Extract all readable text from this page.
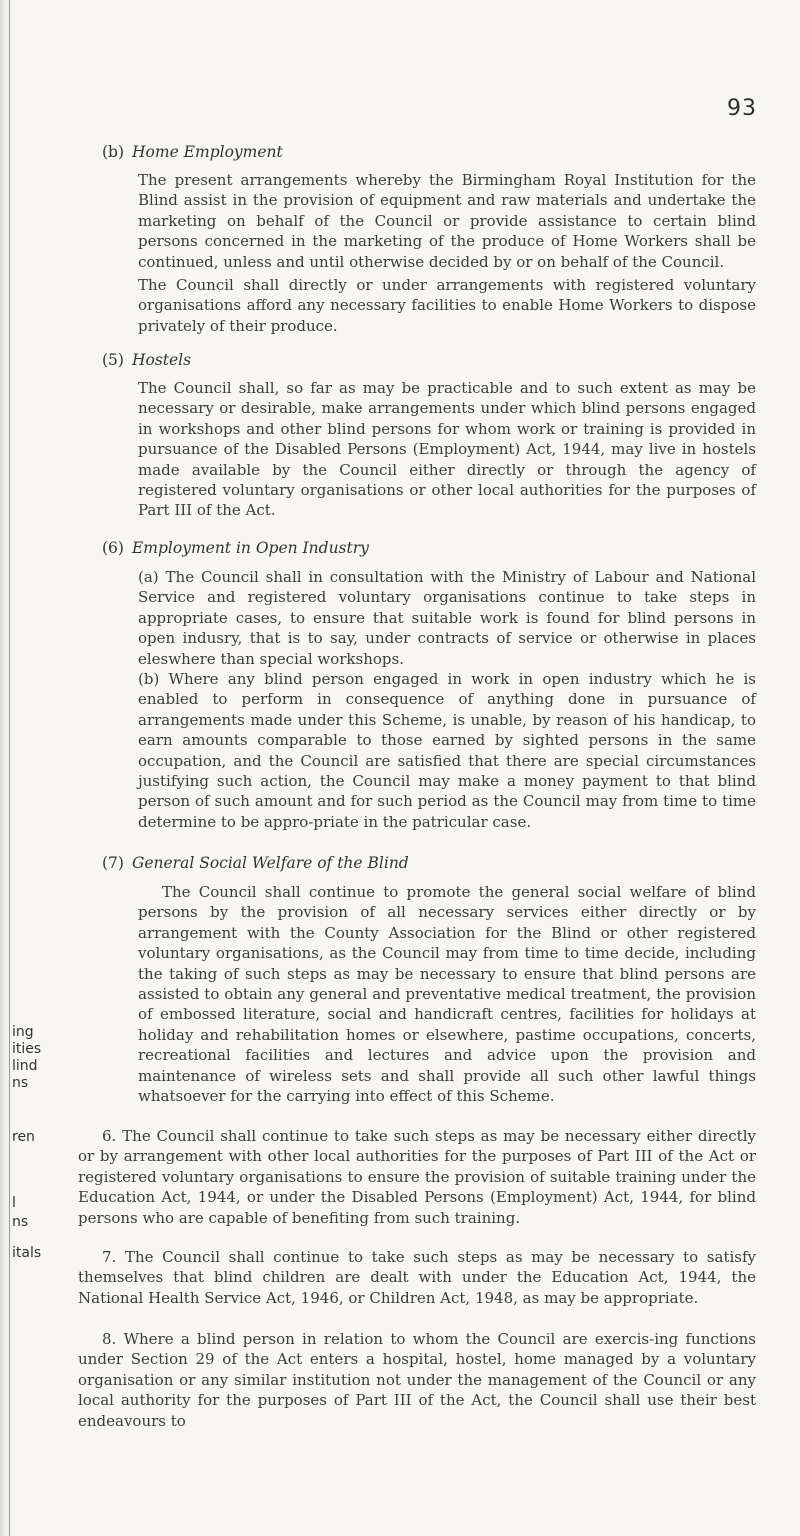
93
ing
ities
lind
ns
ren
l
ns
itals
(b) Home Employment

The present arrangements whereby the Birmingham Royal Institution for the Blind assist in the provision of equipment and raw materials and undertake the marketing on behalf of the Council or provide assistance to certain blind persons concerned in the marketing of the produce of Home Workers shall be continued, unless and until otherwise decided by or on behalf of the Council.

The Council shall directly or under arrangements with registered voluntary organisations afford any necessary facilities to enable Home Workers to dispose privately of their produce.

(5) Hostels

The Council shall, so far as may be practicable and to such extent as may be necessary or desirable, make arrangements under which blind persons engaged in workshops and other blind persons for whom work or training is provided in pursuance of the Disabled Persons (Employment) Act, 1944, may live in hostels made available by the Council either directly or through the agency of registered voluntary organisations or other local authorities for the purposes of Part III of the Act.

(6) Employment in Open Industry

(a) The Council shall in consultation with the Ministry of Labour and National Service and registered voluntary organisations continue to take steps in appropriate cases, to ensure that suitable work is found for blind persons in open indusry, that is to say, under contracts of service or otherwise in places eleswhere than special workshops.

(b) Where any blind person engaged in work in open industry which he is enabled to perform in consequence of anything done in pursuance of arrangements made under this Scheme, is unable, by reason of his handicap, to earn amounts comparable to those earned by sighted persons in the same occupation, and the Council are satisfied that there are special circumstances justifying such action, the Council may make a money payment to that blind person of such amount and for such period as the Council may from time to time determine to be appro-priate in the patricular case.

(7) General Social Welfare of the Blind

The Council shall continue to promote the general social welfare of blind persons by the provision of all necessary services either directly or by arrangement with the County Association for the Blind or other registered voluntary organisations, as the Council may from time to time decide, including the taking of such steps as may be necessary to ensure that blind persons are assisted to obtain any general and preventative medical treatment, the provision of embossed literature, social and handicraft centres, facilities for holidays at holiday and rehabilitation homes or elsewhere, pastime occupations, concerts, recreational facilities and lectures and advice upon the provision and maintenance of wireless sets and shall provide all such other lawful things whatsoever for the carrying into effect of this Scheme.

6. The Council shall continue to take such steps as may be necessary either directly or by arrangement with other local authorities for the purposes of Part III of the Act or registered voluntary organisations to ensure the provision of suitable training under the Education Act, 1944, or under the Disabled Persons (Employment) Act, 1944, for blind persons who are capable of benefiting from such training.

7. The Council shall continue to take such steps as may be necessary to satisfy themselves that blind children are dealt with under the Education Act, 1944, the National Health Service Act, 1946, or Children Act, 1948, as may be appropriate.

8. Where a blind person in relation to whom the Council are exercis-ing functions under Section 29 of the Act enters a hospital, hostel, home managed by a voluntary organisation or any similar institution not under the management of the Council or any local authority for the purposes of Part III of the Act, the Council shall use their best endeavours to
